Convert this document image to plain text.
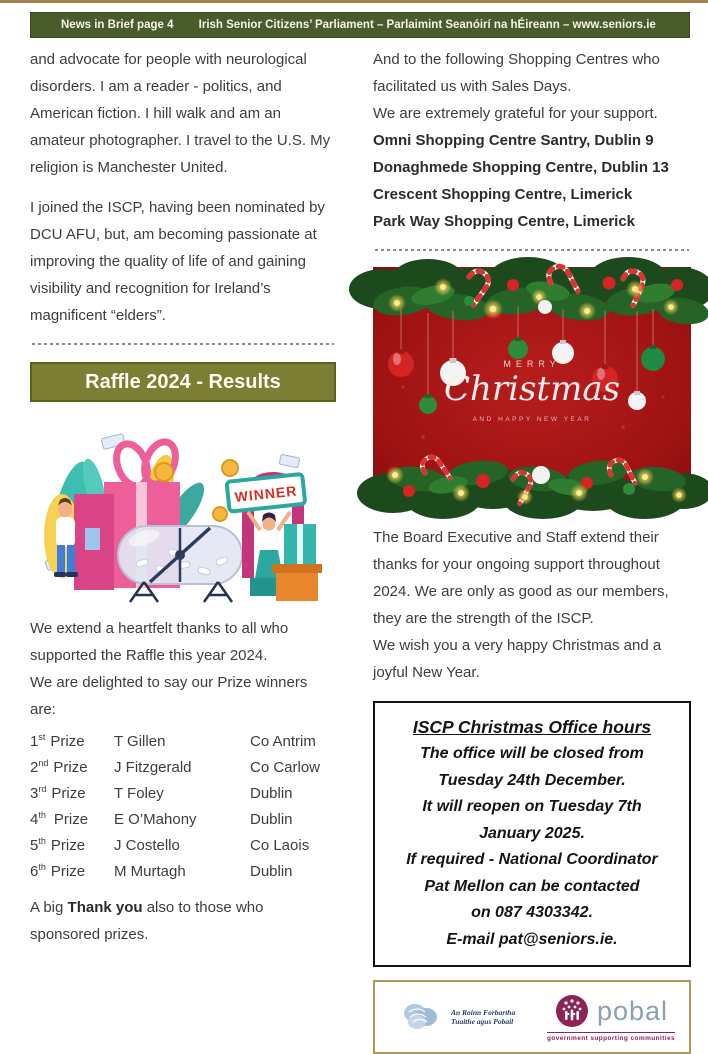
News in Brief page 4	Irish Senior Citizens’ Parliament – Parlaimint Seanóirí na hÉireann – www.seniors.ie
and advocate for people with neurological disorders. I am a reader - politics, and American fiction. I hill walk and am an amateur photographer. I travel to the U.S. My religion is Manchester United.
I joined the ISCP, having been nominated by DCU AFU, but, am becoming passionate at improving the quality of life of and gaining visibility and recognition for Ireland’s magnificent “elders”.
Raffle 2024 - Results
WINNER
We extend a heartfelt thanks to all who supported the Raffle this year 2024.
We are delighted to say our Prize winners are:
1st Prize	T Gillen	Co Antrim
2nd Prize	J Fitzgerald	Co Carlow
3rd Prize	T Foley	Dublin
4th Prize	E O’Mahony	Dublin
5th Prize	J Costello	Co Laois
6th Prize	M Murtagh	Dublin
A big Thank you also to those who sponsored prizes.
And to the following Shopping Centres who facilitated us with Sales Days.
We are extremely grateful for your support.
Omni Shopping Centre Santry, Dublin 9
Donaghmede Shopping Centre, Dublin 13
Crescent Shopping Centre, Limerick
Park Way Shopping Centre, Limerick
MERRY
Christmas
AND HAPPY NEW YEAR
The Board Executive and Staff extend their thanks for your ongoing support throughout 2024. We are only as good as our members, they are the strength of the ISCP.
We wish you a very happy Christmas and a joyful New Year.
ISCP Christmas Office hours
The office will be closed from
Tuesday 24th December.
It will reopen on Tuesday 7th
January 2025.
If required - National Coordinator
Pat Mellon can be contacted
on 087 4303342.
E-mail pat@seniors.ie.
An Roinn Forbartha
Tuaithe agus Pobail	pobal
government supporting communities
